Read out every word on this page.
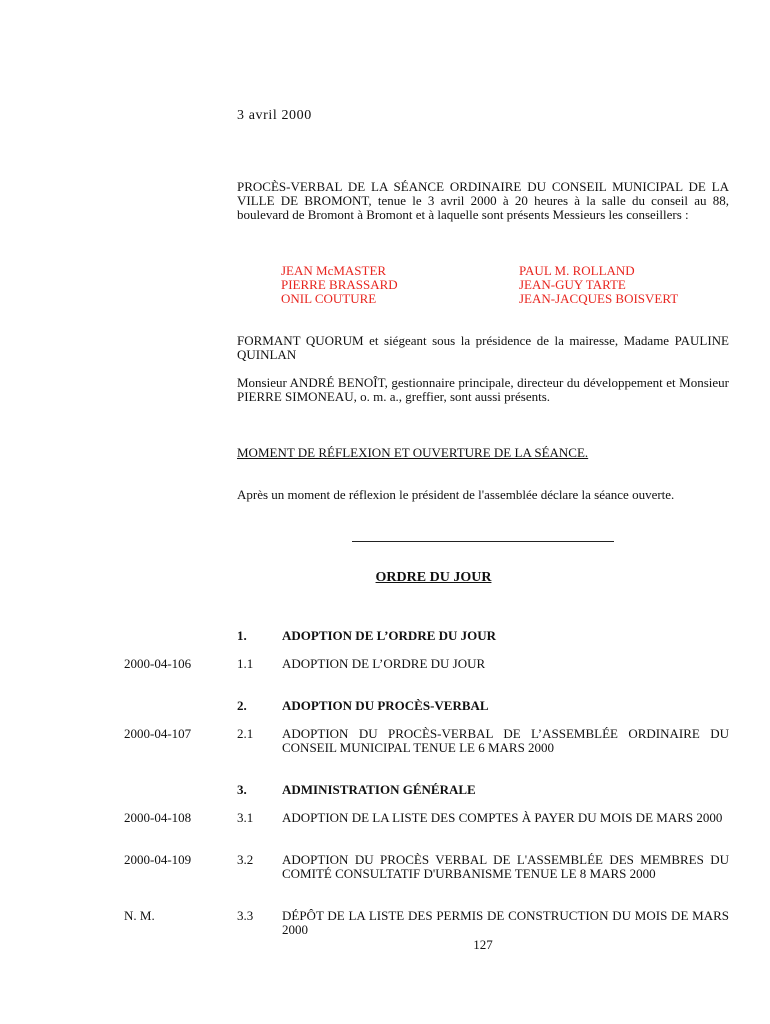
3 avril 2000
PROCÈS-VERBAL DE LA SÉANCE ORDINAIRE DU CONSEIL MUNICIPAL DE LA VILLE DE BROMONT, tenue le 3 avril 2000 à 20 heures à la salle du conseil au 88, boulevard de Bromont à Bromont et à laquelle sont présents Messieurs les conseillers :
JEAN McMASTER
PIERRE BRASSARD
ONIL COUTURE
PAUL M. ROLLAND
JEAN-GUY TARTE
JEAN-JACQUES BOISVERT
FORMANT QUORUM et siégeant sous la présidence de la mairesse, Madame PAULINE QUINLAN
Monsieur ANDRÉ BENOÎT, gestionnaire principale, directeur du développement et Monsieur PIERRE SIMONEAU, o. m. a., greffier, sont aussi présents.
MOMENT DE RÉFLEXION ET OUVERTURE DE LA SÉANCE.
Après un moment de réflexion le président de l'assemblée déclare la séance ouverte.
ORDRE DU JOUR
1.	ADOPTION DE L’ORDRE DU JOUR
2000-04-106	1.1 ADOPTION DE L’ORDRE DU JOUR
2.	ADOPTION DU PROCÈS-VERBAL
2000-04-107	2.1 ADOPTION DU PROCÈS-VERBAL DE L’ASSEMBLÉE ORDINAIRE DU CONSEIL MUNICIPAL TENUE LE 6 MARS 2000
3.	ADMINISTRATION GÉNÉRALE
2000-04-108	3.1 ADOPTION DE LA LISTE DES COMPTES À PAYER DU MOIS DE MARS 2000
2000-04-109	3.2 ADOPTION DU PROCÈS VERBAL DE L'ASSEMBLÉE DES MEMBRES DU COMITÉ CONSULTATIF D'URBANISME TENUE LE 8 MARS 2000
N. M.	3.3 DÉPÔT DE LA LISTE DES PERMIS DE CONSTRUCTION DU MOIS DE MARS 2000
127
